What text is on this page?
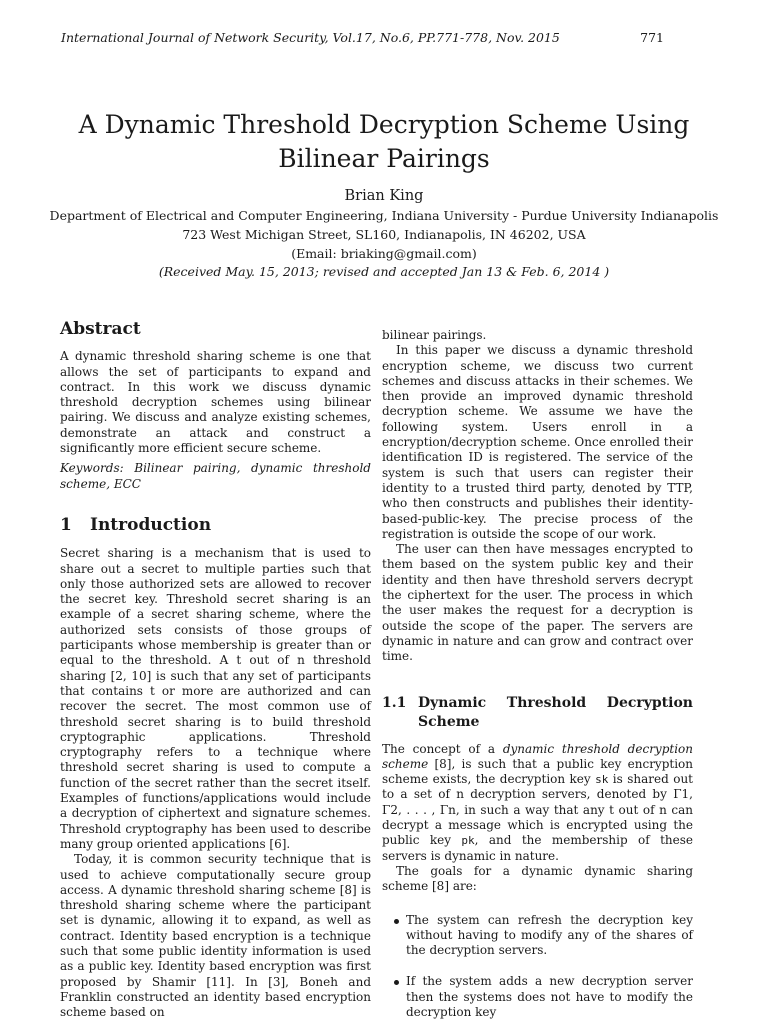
International Journal of Network Security, Vol.17, No.6, PP.771-778, Nov. 2015	771
A Dynamic Threshold Decryption Scheme Using Bilinear Pairings
Brian King
Department of Electrical and Computer Engineering, Indiana University - Purdue University Indianapolis
723 West Michigan Street, SL160, Indianapolis, IN 46202, USA
(Email: briaking@gmail.com)
(Received May. 15, 2013; revised and accepted Jan 13 & Feb. 6, 2014 )
Abstract

A dynamic threshold sharing scheme is one that allows the set of participants to expand and contract. In this work we discuss dynamic threshold decryption schemes using bilinear pairing. We discuss and analyze existing schemes, demonstrate an attack and construct a significantly more efficient secure scheme.

Keywords: Bilinear pairing, dynamic threshold scheme, ECC

1 Introduction

Secret sharing is a mechanism that is used to share out a secret to multiple parties such that only those authorized sets are allowed to recover the secret key. Threshold secret sharing is an example of a secret sharing scheme, where the authorized sets consists of those groups of participants whose membership is greater than or equal to the threshold. A t out of n threshold sharing [2, 10] is such that any set of participants that contains t or more are authorized and can recover the secret. The most common use of threshold secret sharing is to build threshold cryptographic applications. Threshold cryptography refers to a technique where threshold secret sharing is used to compute a function of the secret rather than the secret itself. Examples of functions/applications would include a decryption of ciphertext and signature schemes. Threshold cryptography has been used to describe many group oriented applications [6].

Today, it is common security technique that is used to achieve computationally secure group access. A dynamic threshold sharing scheme [8] is threshold sharing scheme where the participant set is dynamic, allowing it to expand, as well as contract. Identity based encryption is a technique such that some public identity information is used as a public key. Identity based encryption was first proposed by Shamir [11]. In [3], Boneh and Franklin constructed an identity based encryption scheme based on

bilinear pairings.

In this paper we discuss a dynamic threshold encryption scheme, we discuss two current schemes and discuss attacks in their schemes. We then provide an improved dynamic threshold decryption scheme. We assume we have the following system. Users enroll in a encryption/decryption scheme. Once enrolled their identification ID is registered. The service of the system is such that users can register their identity to a trusted third party, denoted by TTP, who then constructs and publishes their identity-based-public-key. The precise process of the registration is outside the scope of our work.

The user can then have messages encrypted to them based on the system public key and their identity and then have threshold servers decrypt the ciphertext for the user. The process in which the user makes the request for a decryption is outside the scope of the paper. The servers are dynamic in nature and can grow and contract over time.

1.1 Dynamic Threshold Decryption
Scheme

The concept of a dynamic threshold decryption scheme [8], is such that a public key encryption scheme exists, the decryption key sk is shared out to a set of n decryption servers, denoted by Γ1, Γ2, . . . , Γn, in such a way that any t out of n can decrypt a message which is encrypted using the public key pk, and the membership of these servers is dynamic in nature.

The goals for a dynamic dynamic sharing scheme [8] are:

The system can refresh the decryption key without having to modify any of the shares of the decryption servers.
If the system adds a new decryption server then the systems does not have to modify the decryption key
